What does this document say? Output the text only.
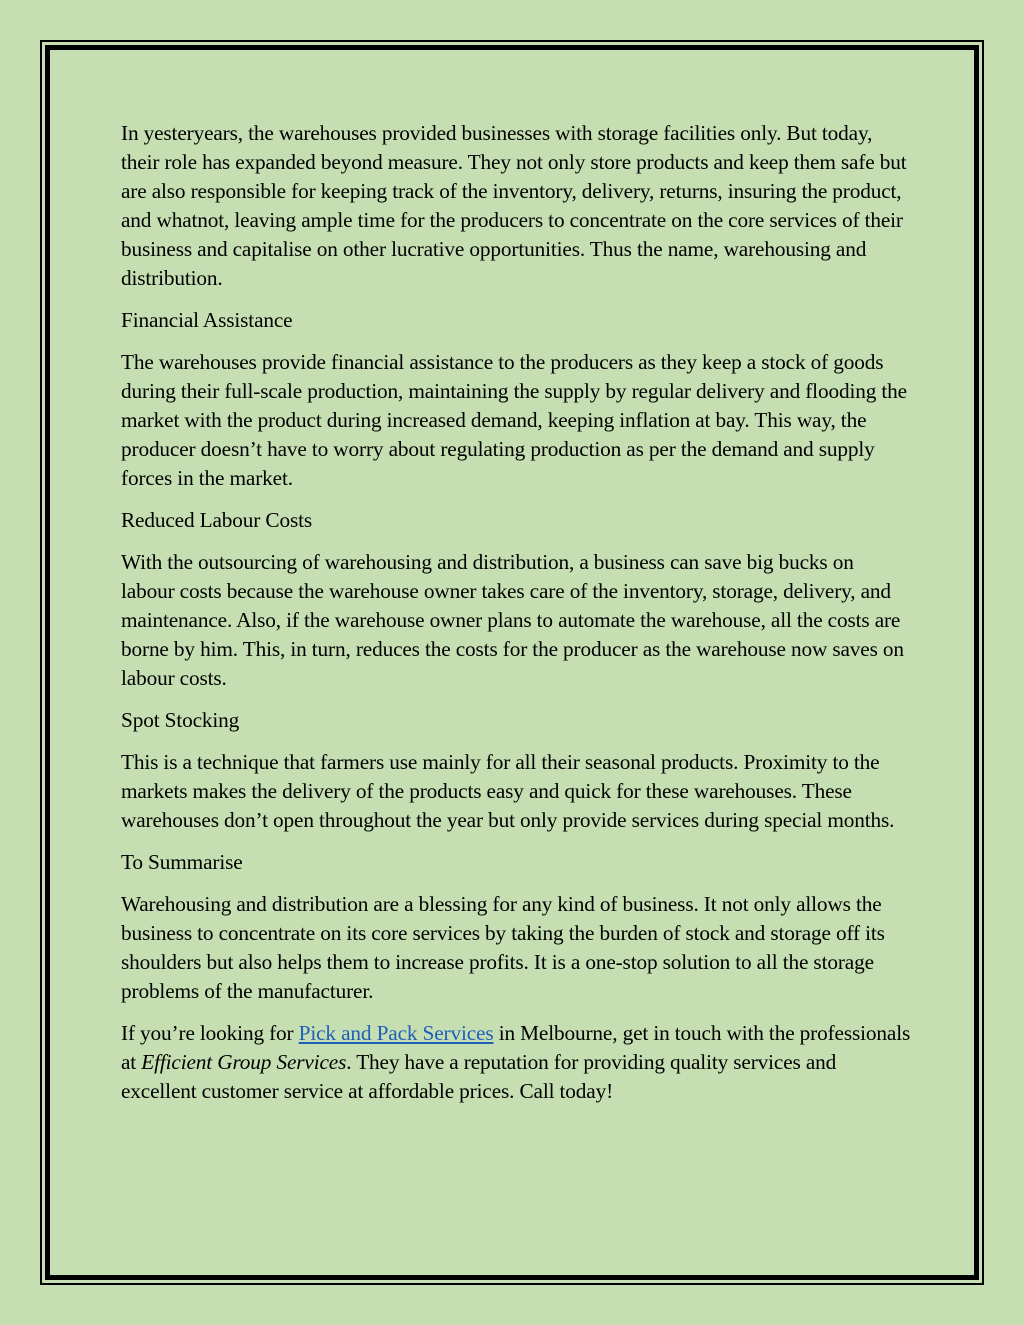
In yesteryears, the warehouses provided businesses with storage facilities only. But today, their role has expanded beyond measure. They not only store products and keep them safe but are also responsible for keeping track of the inventory, delivery, returns, insuring the product, and whatnot, leaving ample time for the producers to concentrate on the core services of their business and capitalise on other lucrative opportunities. Thus the name, warehousing and distribution.

Financial Assistance

The warehouses provide financial assistance to the producers as they keep a stock of goods during their full-scale production, maintaining the supply by regular delivery and flooding the market with the product during increased demand, keeping inflation at bay. This way, the producer doesn’t have to worry about regulating production as per the demand and supply forces in the market.

Reduced Labour Costs

With the outsourcing of warehousing and distribution, a business can save big bucks on labour costs because the warehouse owner takes care of the inventory, storage, delivery, and maintenance. Also, if the warehouse owner plans to automate the warehouse, all the costs are borne by him. This, in turn, reduces the costs for the producer as the warehouse now saves on labour costs.

Spot Stocking

This is a technique that farmers use mainly for all their seasonal products. Proximity to the markets makes the delivery of the products easy and quick for these warehouses. These warehouses don’t open throughout the year but only provide services during special months.

To Summarise

Warehousing and distribution are a blessing for any kind of business. It not only allows the business to concentrate on its core services by taking the burden of stock and storage off its shoulders but also helps them to increase profits. It is a one-stop solution to all the storage problems of the manufacturer.

If you’re looking for Pick and Pack Services in Melbourne, get in touch with the professionals at Efficient Group Services. They have a reputation for providing quality services and excellent customer service at affordable prices. Call today!
